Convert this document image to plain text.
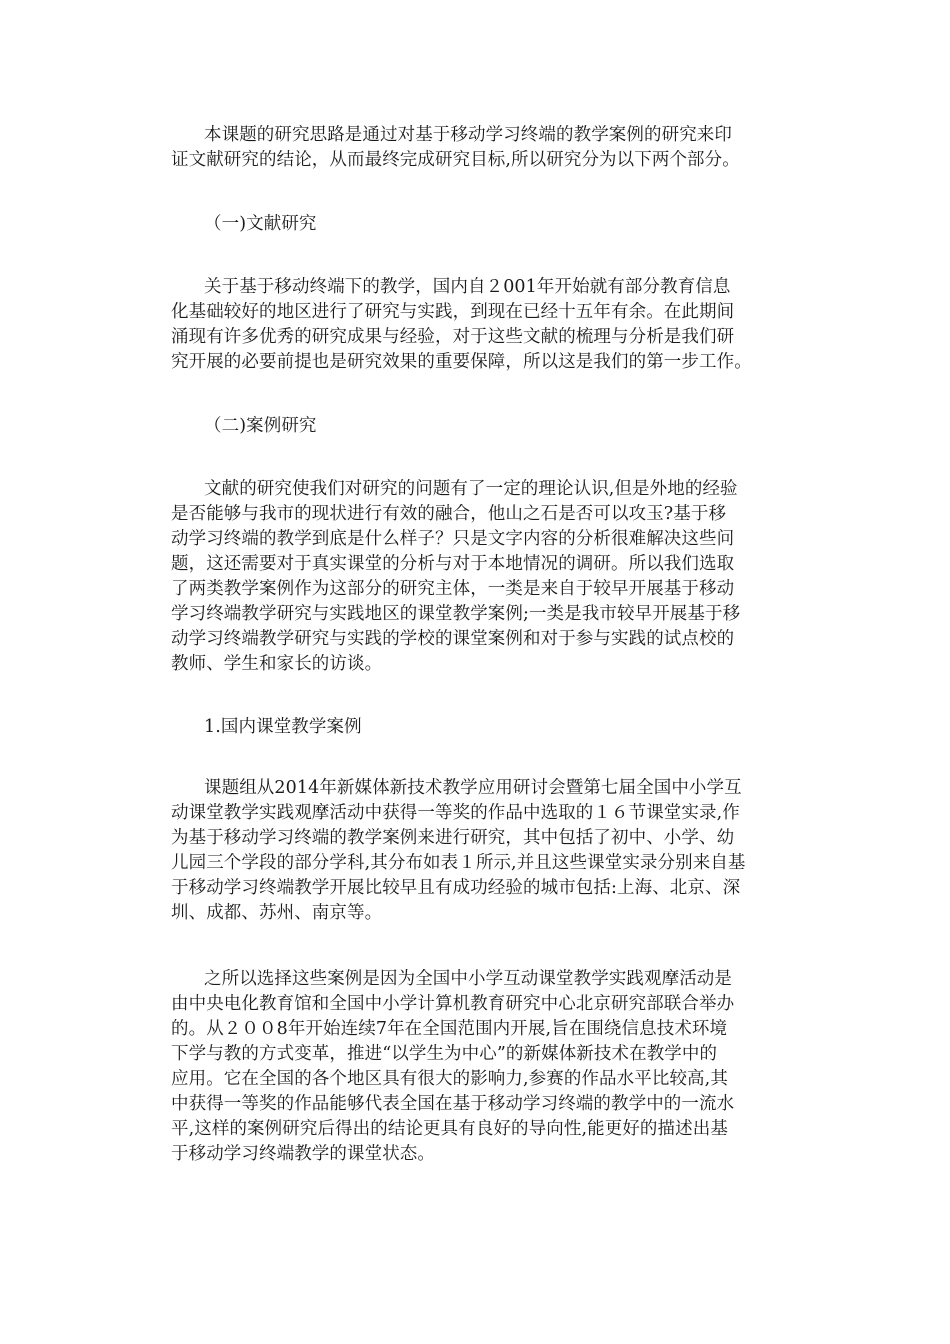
本课题的研究思路是通过对基于移动学习终端的教学案例的研究来印
证文献研究的结论，从而最终完成研究目标,所以研究分为以下两个部分。

（一)文献研究

关于基于移动终端下的教学，国内自２001年开始就有部分教育信息
化基础较好的地区进行了研究与实践，到现在已经十五年有余。在此期间
涌现有许多优秀的研究成果与经验，对于这些文献的梳理与分析是我们研
究开展的必要前提也是研究效果的重要保障，所以这是我们的第一步工作。

（二)案例研究

文献的研究使我们对研究的问题有了一定的理论认识,但是外地的经验
是否能够与我市的现状进行有效的融合，他山之石是否可以攻玉?基于移
动学习终端的教学到底是什么样子？只是文字内容的分析很难解决这些问
题，这还需要对于真实课堂的分析与对于本地情况的调研。所以我们选取
了两类教学案例作为这部分的研究主体，一类是来自于较早开展基于移动
学习终端教学研究与实践地区的课堂教学案例;一类是我市较早开展基于移
动学习终端教学研究与实践的学校的课堂案例和对于参与实践的试点校的
教师、学生和家长的访谈。

1.国内课堂教学案例

课题组从2014年新媒体新技术教学应用研讨会暨第七届全国中小学互
动课堂教学实践观摩活动中获得一等奖的作品中选取的１６节课堂实录,作
为基于移动学习终端的教学案例来进行研究，其中包括了初中、小学、幼
儿园三个学段的部分学科,其分布如表１所示,并且这些课堂实录分别来自基
于移动学习终端教学开展比较早且有成功经验的城市包括:上海、北京、深
圳、成都、苏州、南京等。

之所以选择这些案例是因为全国中小学互动课堂教学实践观摩活动是
由中央电化教育馆和全国中小学计算机教育研究中心北京研究部联合举办
的。从２００8年开始连续7年在全国范围内开展,旨在围绕信息技术环境
下学与教的方式变革，推进“以学生为中心”的新媒体新技术在教学中的
应用。它在全国的各个地区具有很大的影响力,参赛的作品水平比较高,其
中获得一等奖的作品能够代表全国在基于移动学习终端的教学中的一流水
平,这样的案例研究后得出的结论更具有良好的导向性,能更好的描述出基
于移动学习终端教学的课堂状态。
